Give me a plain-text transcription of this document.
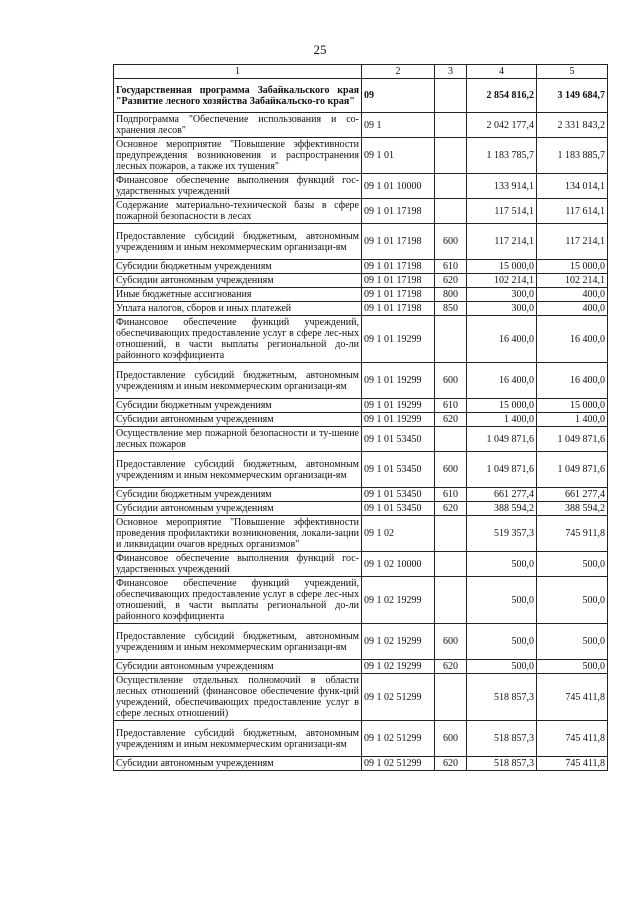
25
1	2	3	4	5
Государственная программа Забайкальского края "Развитие лесного хозяйства Забайкальско-го края"	09		2 854 816,2	3 149 684,7
Подпрограмма "Обеспечение использования и со-хранения лесов"	09 1		2 042 177,4	2 331 843,2
Основное мероприятие "Повышение эффективности предупреждения возникновения и распространения лесных пожаров, а также их тушения"	09 1 01		1 183 785,7	1 183 885,7
Финансовое обеспечение выполнения функций гос-ударственных учреждений	09 1 01 10000		133 914,1	134 014,1
Содержание материально-технической базы в сфере пожарной безопасности в лесах	09 1 01 17198		117 514,1	117 614,1
Предоставление субсидий бюджетным, автономным учреждениям и иным некоммерческим организаци-ям	09 1 01 17198	600	117 214,1	117 214,1
Субсидии бюджетным учреждениям	09 1 01 17198	610	15 000,0	15 000,0
Субсидии автономным учреждениям	09 1 01 17198	620	102 214,1	102 214,1
Иные бюджетные ассигнования	09 1 01 17198	800	300,0	400,0
Уплата налогов, сборов и иных платежей	09 1 01 17198	850	300,0	400,0
Финансовое обеспечение функций учреждений, обеспечивающих предоставление услуг в сфере лес-ных отношений, в части выплаты региональной до-ли районного коэффициента	09 1 01 19299		16 400,0	16 400,0
Предоставление субсидий бюджетным, автономным учреждениям и иным некоммерческим организаци-ям	09 1 01 19299	600	16 400,0	16 400,0
Субсидии бюджетным учреждениям	09 1 01 19299	610	15 000,0	15 000,0
Субсидии автономным учреждениям	09 1 01 19299	620	1 400,0	1 400,0
Осуществление мер пожарной безопасности и ту-шение лесных пожаров	09 1 01 53450		1 049 871,6	1 049 871,6
Предоставление субсидий бюджетным, автономным учреждениям и иным некоммерческим организаци-ям	09 1 01 53450	600	1 049 871,6	1 049 871,6
Субсидии бюджетным учреждениям	09 1 01 53450	610	661 277,4	661 277,4
Субсидии автономным учреждениям	09 1 01 53450	620	388 594,2	388 594,2
Основное мероприятие "Повышение эффективности проведения профилактики возникновения, локали-зации и ликвидации очагов вредных организмов"	09 1 02		519 357,3	745 911,8
Финансовое обеспечение выполнения функций гос-ударственных учреждений	09 1 02 10000		500,0	500,0
Финансовое обеспечение функций учреждений, обеспечивающих предоставление услуг в сфере лес-ных отношений, в части выплаты региональной до-ли районного коэффициента	09 1 02 19299		500,0	500,0
Предоставление субсидий бюджетным, автономным учреждениям и иным некоммерческим организаци-ям	09 1 02 19299	600	500,0	500,0
Субсидии автономным учреждениям	09 1 02 19299	620	500,0	500,0
Осуществление отдельных полномочий в области лесных отношений (финансовое обеспечение функ-ций учреждений, обеспечивающих предоставление услуг в сфере лесных отношений)	09 1 02 51299		518 857,3	745 411,8
Предоставление субсидий бюджетным, автономным учреждениям и иным некоммерческим организаци-ям	09 1 02 51299	600	518 857,3	745 411,8
Субсидии автономным учреждениям	09 1 02 51299	620	518 857,3	745 411,8
